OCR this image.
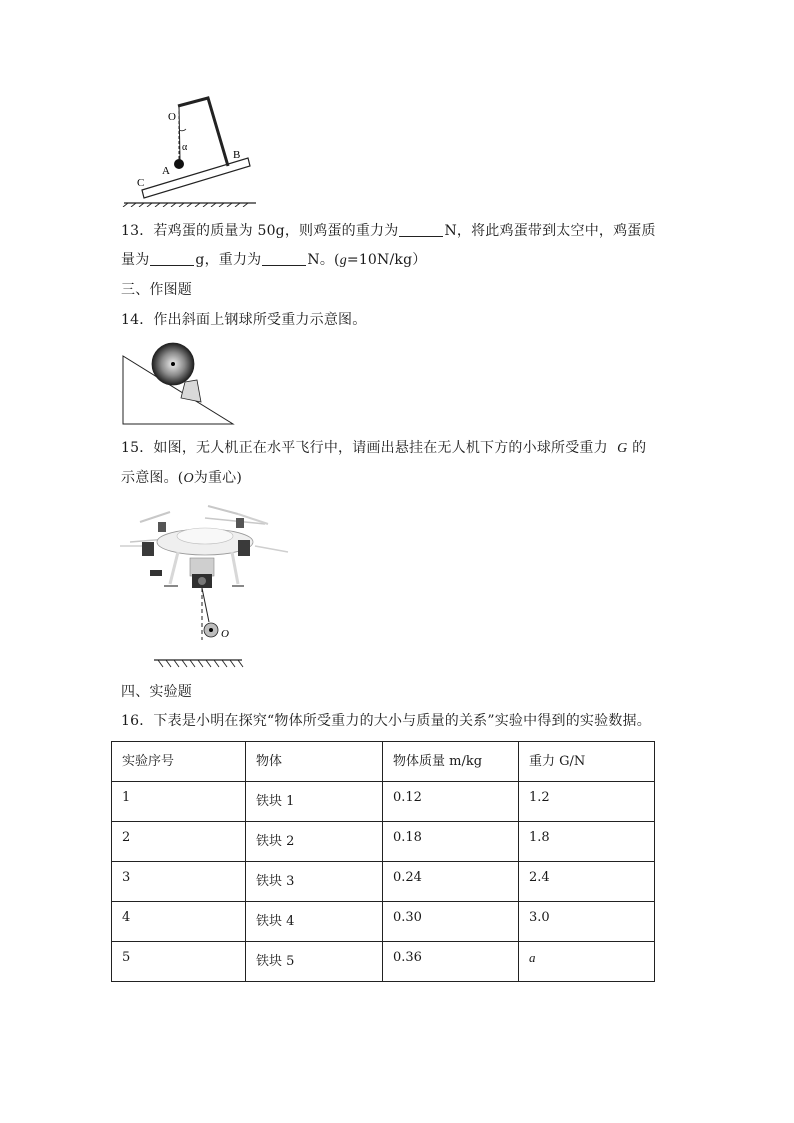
O
α
A
B
C
13．若鸡蛋的质量为 50g，则鸡蛋的重力为	N，将此鸡蛋带到太空中，鸡蛋质
量为	g，重力为	N。(g=10N/kg）
三、作图题
14．作出斜面上钢球所受重力示意图。
15．如图，无人机正在水平飞行中，请画出悬挂在无人机下方的小球所受重力 G 的
示意图。(O为重心)
O
四、实验题
16．下表是小明在探究“物体所受重力的大小与质量的关系”实验中得到的实验数据。
实验序号	物体	物体质量 m/kg	重力 G/N
1	铁块 1	0.12	1.2
2	铁块 2	0.18	1.8
3	铁块 3	0.24	2.4
4	铁块 4	0.30	3.0
5	铁块 5	0.36	a
